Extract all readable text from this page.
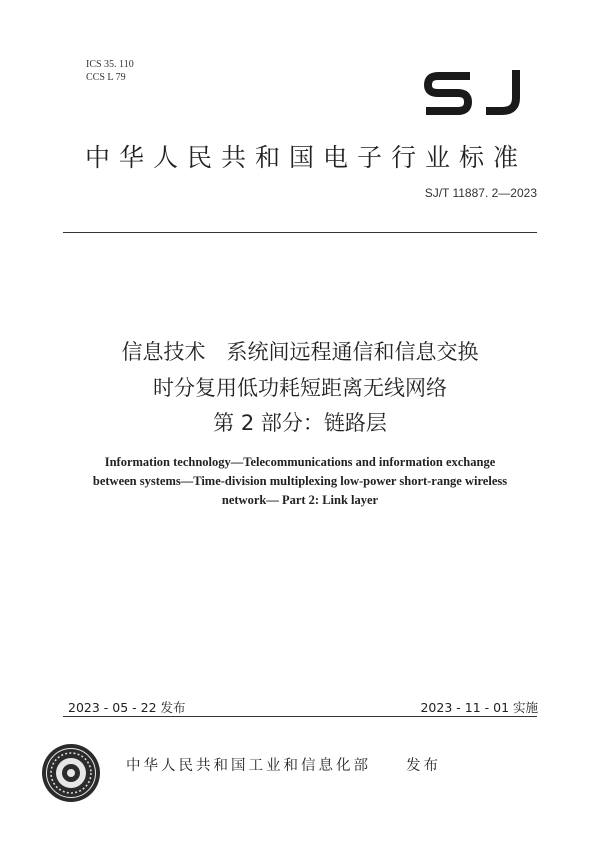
ICS 35. 110
CCS L 79
中华人民共和国电子行业标准
SJ/T 11887. 2—2023
信息技术　系统间远程通信和信息交换
时分复用低功耗短距离无线网络
第 2 部分：链路层
Information technology—Telecommunications and information exchange
between systems—Time-division multiplexing low-power short-range wireless
network— Part 2: Link layer
2023 - 05 - 22 发布	2023 - 11 - 01 实施
中华人民共和国工业和信息化部　　发布
